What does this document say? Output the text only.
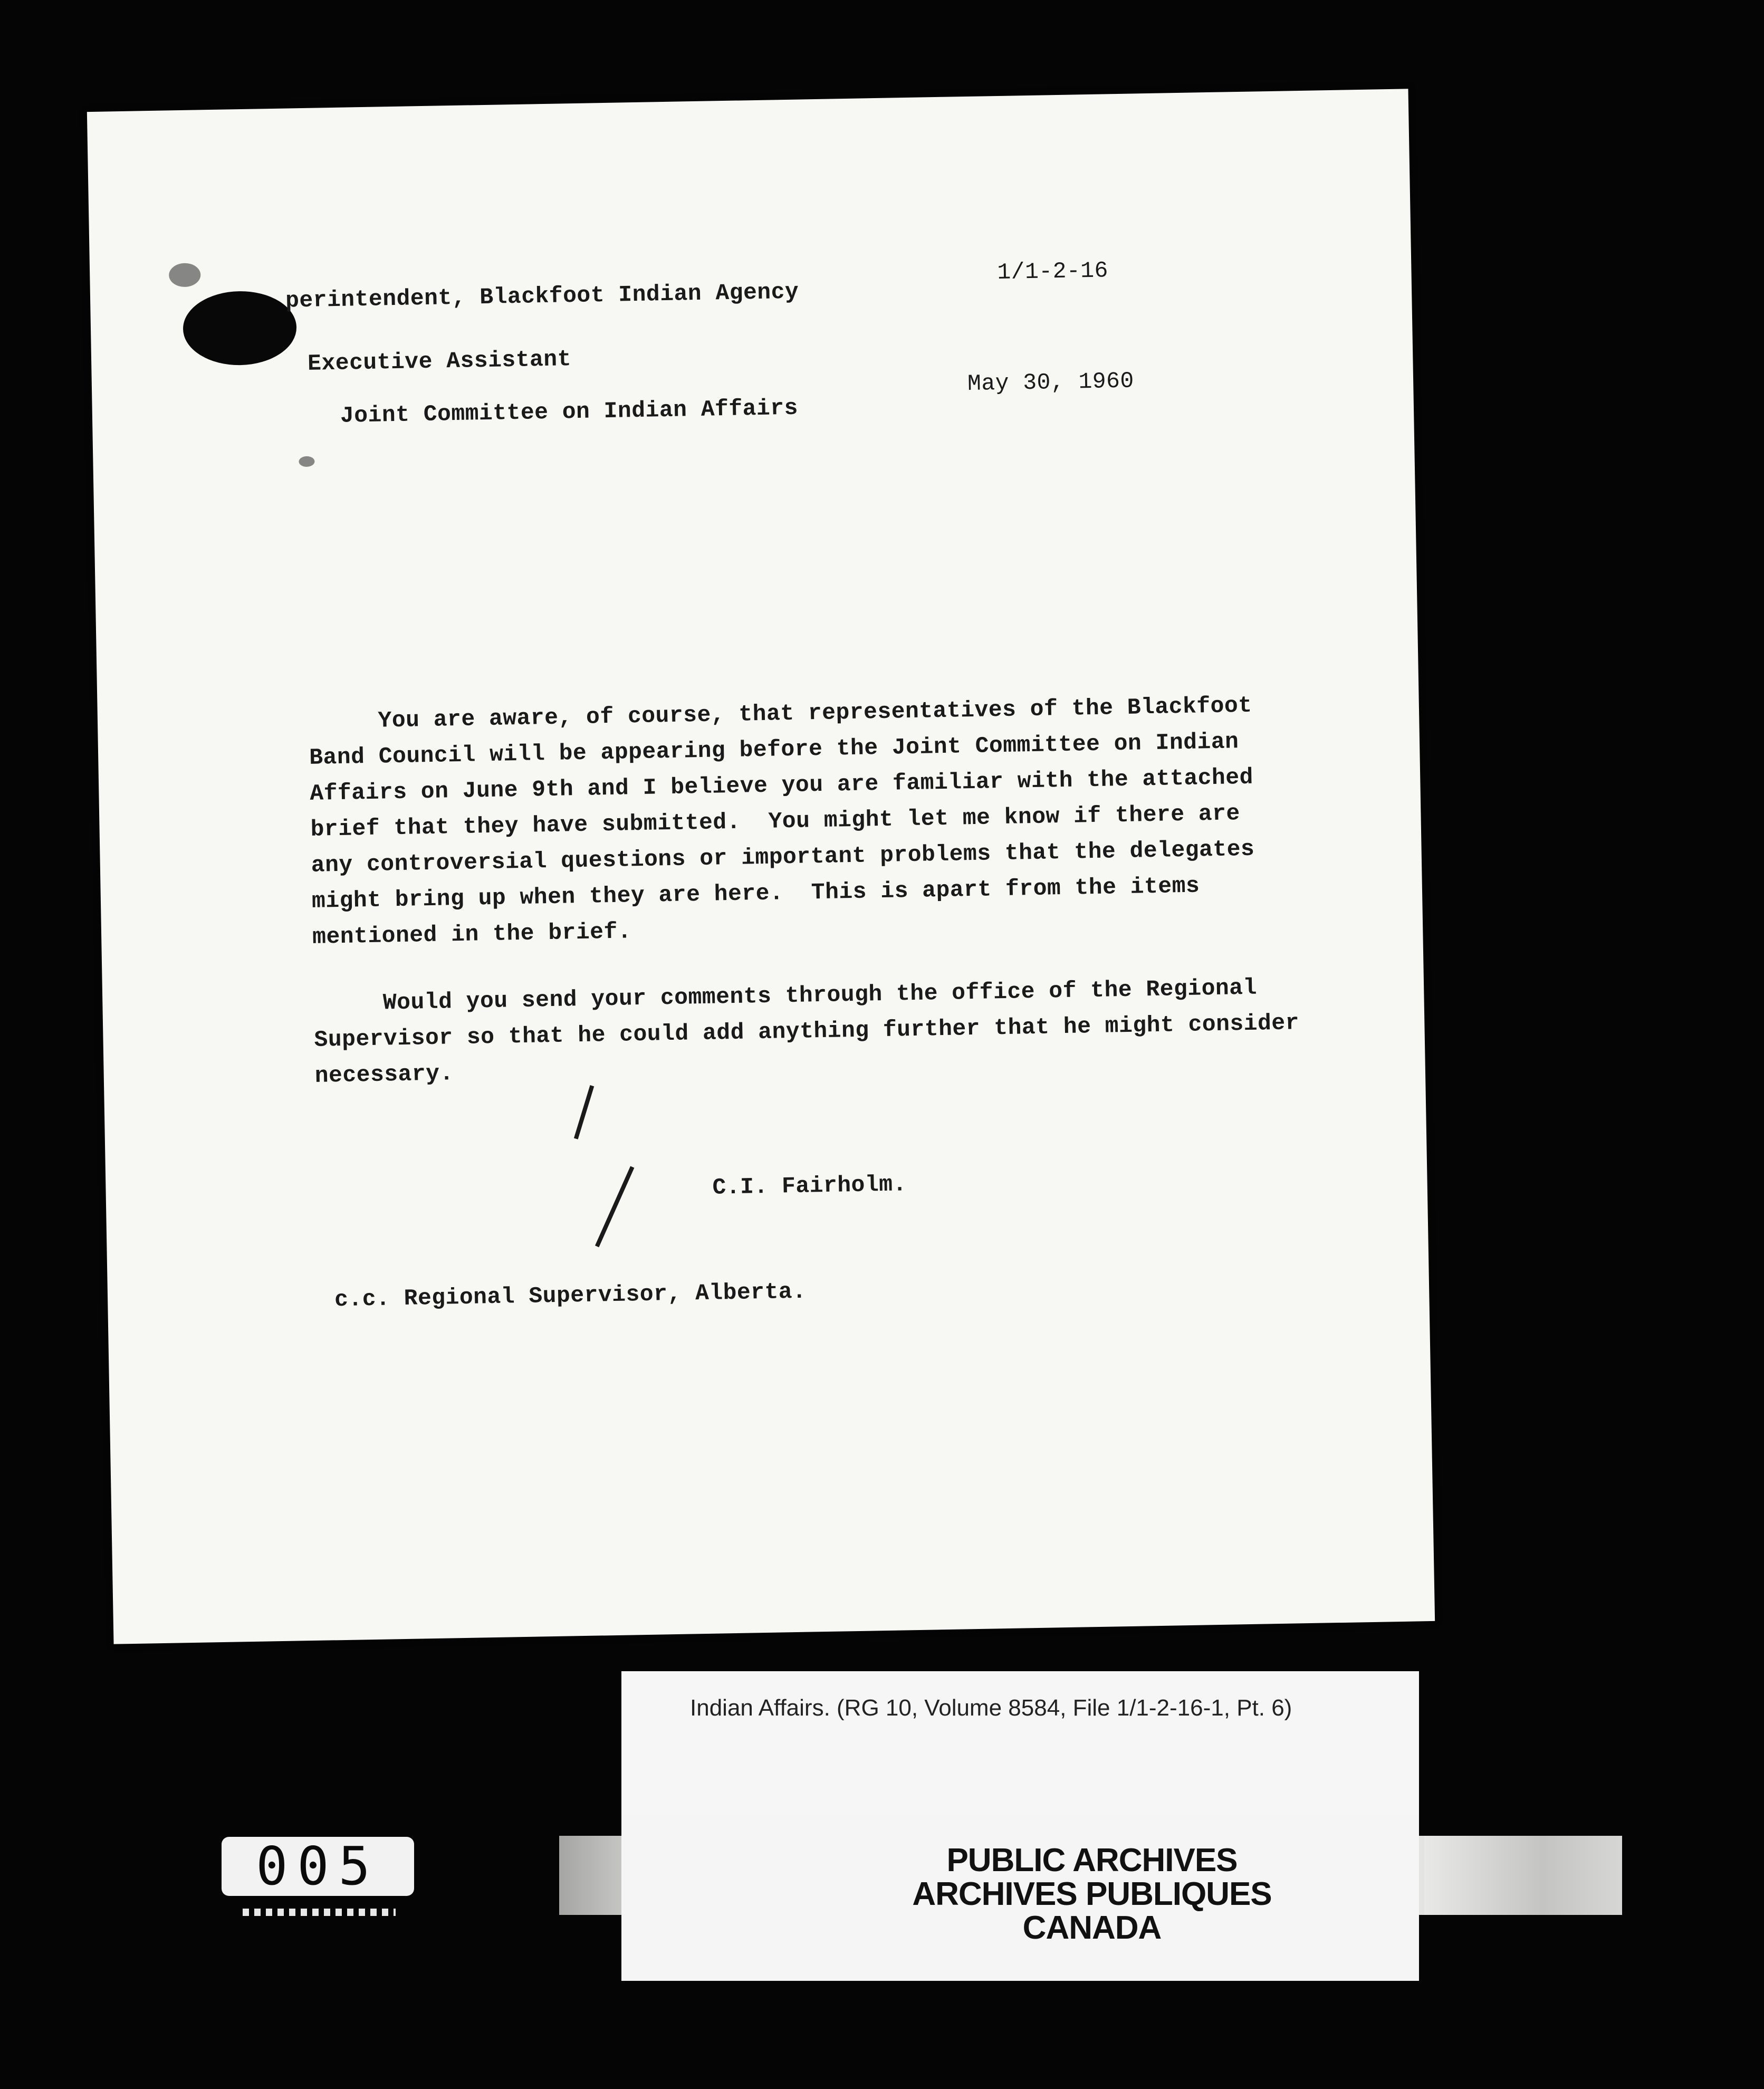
perintendent, Blackfoot Indian Agency
Executive Assistant
Joint Committee on Indian Affairs
1/1-2-16
May 30, 1960
You are aware, of course, that representatives of the Blackfoot
Band Council will be appearing before the Joint Committee on Indian
Affairs on June 9th and I believe you are familiar with the attached
brief that they have submitted.  You might let me know if there are
any controversial questions or important problems that the delegates
might bring up when they are here.  This is apart from the items
mentioned in the brief.
Would you send your comments through the office of the Regional
Supervisor so that he could add anything further that he might consider
necessary.
C.I. Fairholm.
c.c. Regional Supervisor, Alberta.
Indian Affairs. (RG 10, Volume 8584, File 1/1-2-16-1, Pt. 6)
PUBLIC ARCHIVES
ARCHIVES PUBLIQUES
CANADA
005
